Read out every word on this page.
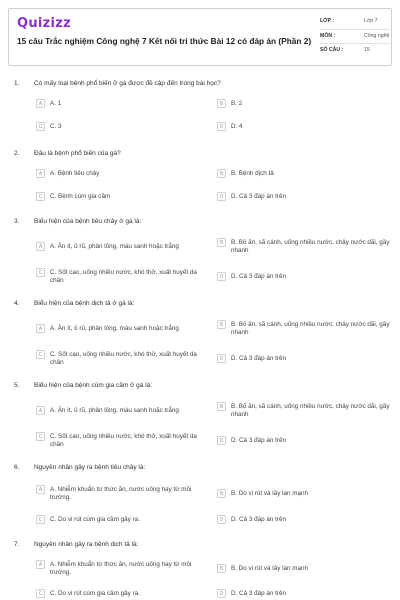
Quizizz
15 câu Trắc nghiệm Công nghệ 7 Kết nối tri thức Bài 12 có đáp án (Phần 2)
LỚP :	Lớp 7
MÔN :	Công nghệ
SỐ CÂU :	15
1. Có mấy loại bệnh phổ biến ở gà được đề cập đến trong bài học?
A	A. 1	B	B. 2
C	C. 3	D	D. 4
2. Đâu là bệnh phổ biến của gà?
A	A. Bệnh tiêu chảy	B	B. Bệnh dịch tả
C	C. Bệnh cúm gia cầm	D	D. Cả 3 đáp án trên
3. Biểu hiện của bệnh tiêu chảy ở gà là:
A	A. Ăn ít, ủ rũ, phân lỏng, màu sanh hoặc trắng	B	B. Bỏ ăn, sã cánh, uống nhiều nước, chảy nước dãi, gầy nhanh
C	C. Sốt cao, uống nhiều nước, khó thở, xuất huyết da chân	D	D. Cả 3 đáp án trên
4. Biểu hiện của bệnh dịch tả ở gà là:
A	A. Ăn ít, ủ rũ, phân lỏng, màu sanh hoặc trắng	B	B. Bỏ ăn, sã cánh, uống nhiều nước, chảy nước dãi, gầy nhanh
C	C. Sốt cao, uống nhiều nước, khó thở, xuất huyết da chân	D	D. Cả 3 đáp án trên
5. Biểu hiện của bệnh cúm gia cầm ở gà là:
A	A. Ăn ít, ủ rũ, phân lỏng, màu sanh hoặc trắng	B	B. Bỏ ăn, sã cánh, uống nhiều nước, chảy nước dãi, gầy nhanh
C	C. Sốt cao, uống nhiều nước, khó thở, xuất huyết da chân	D	D. Cả 3 đáp án trên
6. Nguyên nhân gây ra bệnh tiêu chảy là:
A	A. Nhiễm khuẩn từ thức ăn, nước uống hay từ môi trường.	B	B. Do vi rút và lây lan mạnh
C	C. Do vi rút cúm gia cầm gây ra.	D	D. Cả 3 đáp án trên
7. Nguyên nhân gây ra bệnh dịch tả là:
A	A. Nhiễm khuẩn từ thức ăn, nước uống hay từ môi trường.	B	B. Do vi rút và lây lan mạnh
C	C. Do vi rút cúm gia cầm gây ra.	D	D. Cả 3 đáp án trên
